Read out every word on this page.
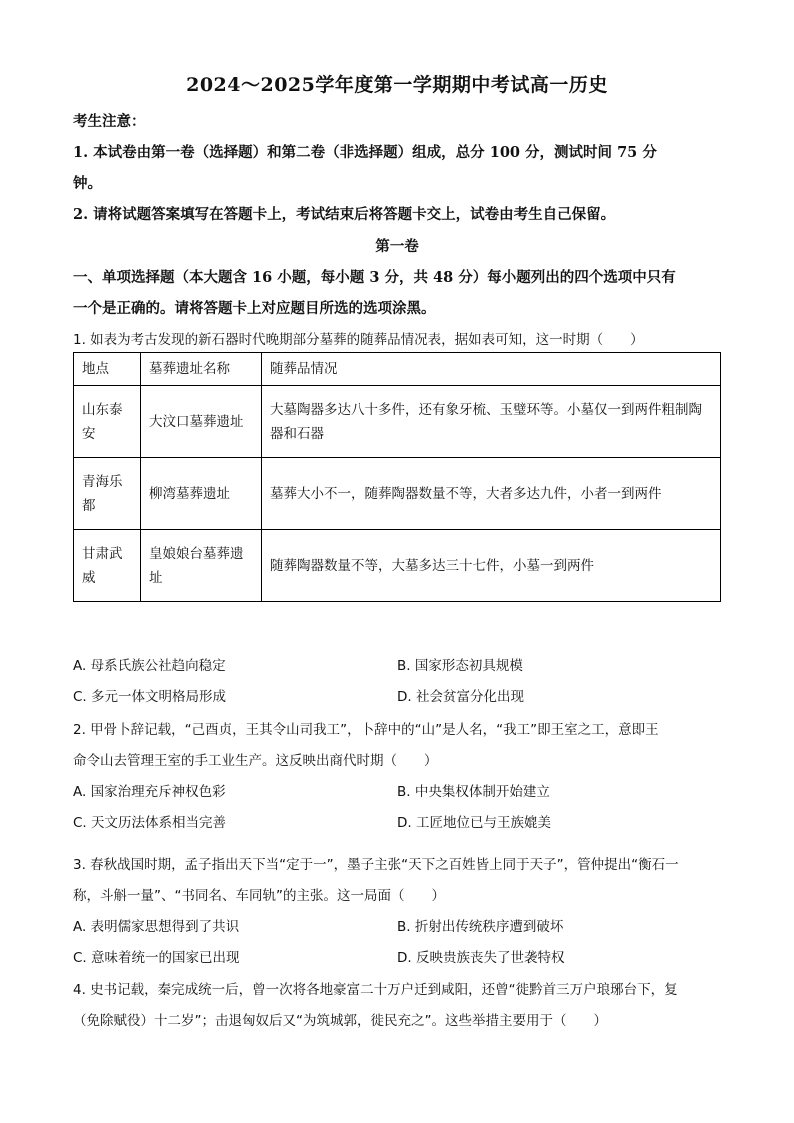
2024～2025学年度第一学期期中考试高一历史
考生注意：
1. 本试卷由第一卷（选择题）和第二卷（非选择题）组成，总分 100 分，测试时间 75 分
钟。
2. 请将试题答案填写在答题卡上，考试结束后将答题卡交上，试卷由考生自己保留。
第一卷
一、单项选择题（本大题含 16 小题，每小题 3 分，共 48 分）每小题列出的四个选项中只有
一个是正确的。请将答题卡上对应题目所选的选项涂黑。
1. 如表为考古发现的新石器时代晚期部分墓葬的随葬品情况表，据如表可知，这一时期（　　）
地点	墓葬遗址名称	随葬品情况
山东泰安	大汶口墓葬遗址	大墓陶器多达八十多件，还有象牙梳、玉璧环等。小墓仅一到两件粗制陶器和石器
青海乐都	柳湾墓葬遗址	墓葬大小不一，随葬陶器数量不等，大者多达九件，小者一到两件
甘肃武威	皇娘娘台墓葬遗址	随葬陶器数量不等，大墓多达三十七件，小墓一到两件
A. 母系氏族公社趋向稳定	B. 国家形态初具规模
C. 多元一体文明格局形成	D. 社会贫富分化出现
2. 甲骨卜辞记载，“己酉贞，王其令山司我工”，卜辞中的“山”是人名，“我工”即王室之工，意即王
命令山去管理王室的手工业生产。这反映出商代时期（　　）
A. 国家治理充斥神权色彩	B. 中央集权体制开始建立
C. 天文历法体系相当完善	D. 工匠地位已与王族媲美
3. 春秋战国时期，孟子指出天下当“定于一”，墨子主张“天下之百姓皆上同于天子”，管仲提出“衡石一
称，斗斛一量”、“书同名、车同轨”的主张。这一局面（　　）
A. 表明儒家思想得到了共识	B. 折射出传统秩序遭到破坏
C. 意味着统一的国家已出现	D. 反映贵族丧失了世袭特权
4. 史书记载，秦完成统一后，曾一次将各地豪富二十万户迁到咸阳，还曾“徙黔首三万户琅琊台下，复
（免除赋役）十二岁”；击退匈奴后又“为筑城郭，徙民充之”。这些举措主要用于（　　）
